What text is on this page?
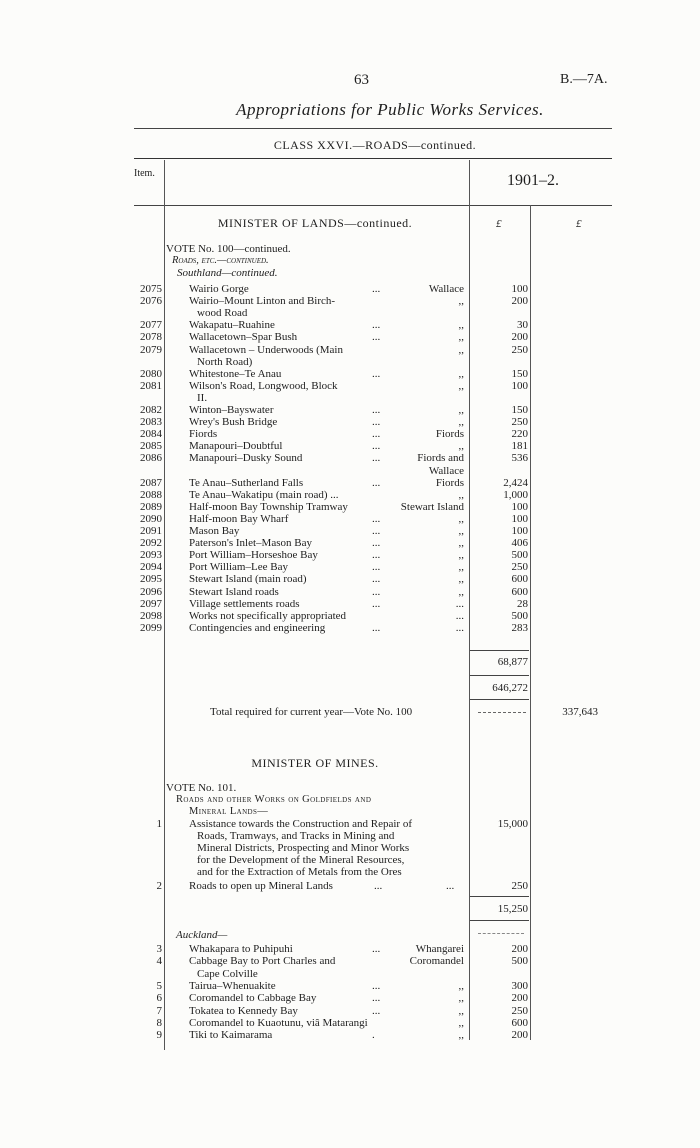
63	B.—7A.
Appropriations for Public Works Services.
CLASS XXVI.—ROADS—continued.
Item.	1901–2.
MINISTER OF LANDS—continued.	£	£
VOTE No. 100—continued.
Roads, etc.—continued.
Southland—continued.
2075 Wairio Gorge	...	Wallace	100
2076 Wairio–Mount Linton and Birch-	,,	200
wood Road
2077 Wakapatu–Ruahine	...	,,	30
2078 Wallacetown–Spar Bush	...	,,	200
2079 Wallacetown – Underwoods (Main	,,	250
North Road)
2080 Whitestone–Te Anau	...	,,	150
2081 Wilson's Road, Longwood, Block	,,	100
II.
2082 Winton–Bayswater	...	,,	150
2083 Wrey's Bush Bridge	...	,,	250
2084 Fiords	...	Fiords	220
2085 Manapouri–Doubtful	...	,,	181
2086 Manapouri–Dusky Sound	...	Fiords and	536
Wallace
2087 Te Anau–Sutherland Falls	...	Fiords	2,424
2088 Te Anau–Wakatipu (main road) ...	,,	1,000
2089 Half-moon Bay Township Tramway	Stewart Island	100
2090 Half-moon Bay Wharf	...	,,	100
2091 Mason Bay	...	,,	100
2092 Paterson's Inlet–Mason Bay	...	,,	406
2093 Port William–Horseshoe Bay	...	,,	500
2094 Port William–Lee Bay	...	,,	250
2095 Stewart Island (main road)	...	,,	600
2096 Stewart Island roads	...	,,	600
2097 Village settlements roads	...	...	28
2098 Works not specifically appropriated	...	500
2099 Contingencies and engineering	...	...	283
68,877
646,272
Total required for current year—Vote No. 100	337,643
MINISTER OF MINES.
VOTE No. 101.
Roads and other Works on Goldfields and
Mineral Lands—
1 Assistance towards the Construction and Repair of	15,000
Roads, Tramways, and Tracks in Mining and
Mineral Districts, Prospecting and Minor Works
for the Development of the Mineral Resources,
and for the Extraction of Metals from the Ores
2 Roads to open up Mineral Lands	...	...	250
15,250
Auckland—
3 Whakapara to Puhipuhi	...	Whangarei	200
4 Cabbage Bay to Port Charles and	Coromandel	500
Cape Colville
5 Tairua–Whenuakite	...	,,	300
6 Coromandel to Cabbage Bay	...	,,	200
7 Tokatea to Kennedy Bay	...	,,	250
8 Coromandel to Kuaotunu, viâ Matarangi	,,	600
9 Tiki to Kaimarama	.	,,	200
